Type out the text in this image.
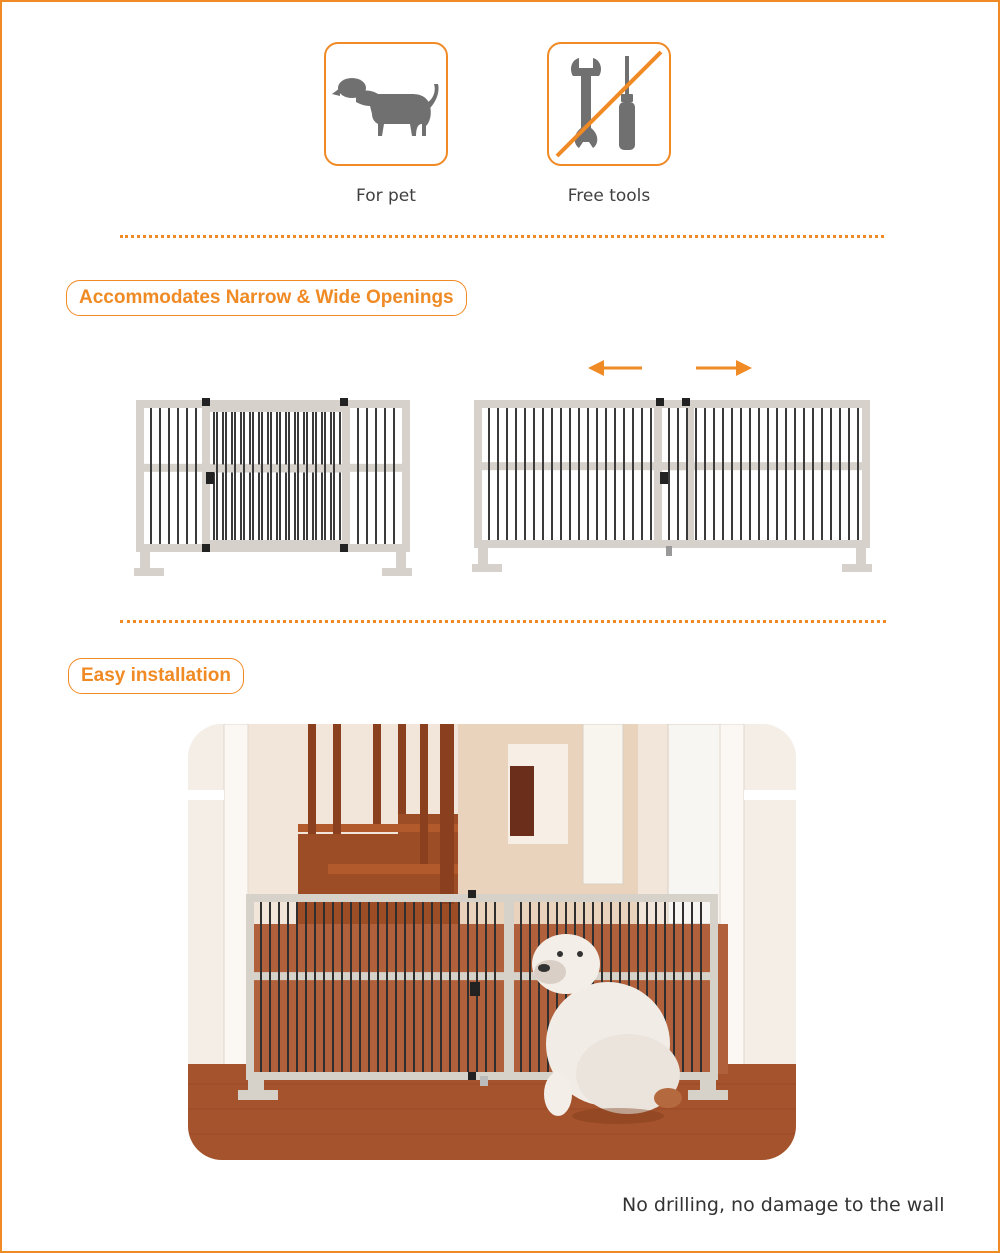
For pet	Free tools
Accommodates Narrow & Wide Openings
Easy installation
No drilling, no damage to the wall
